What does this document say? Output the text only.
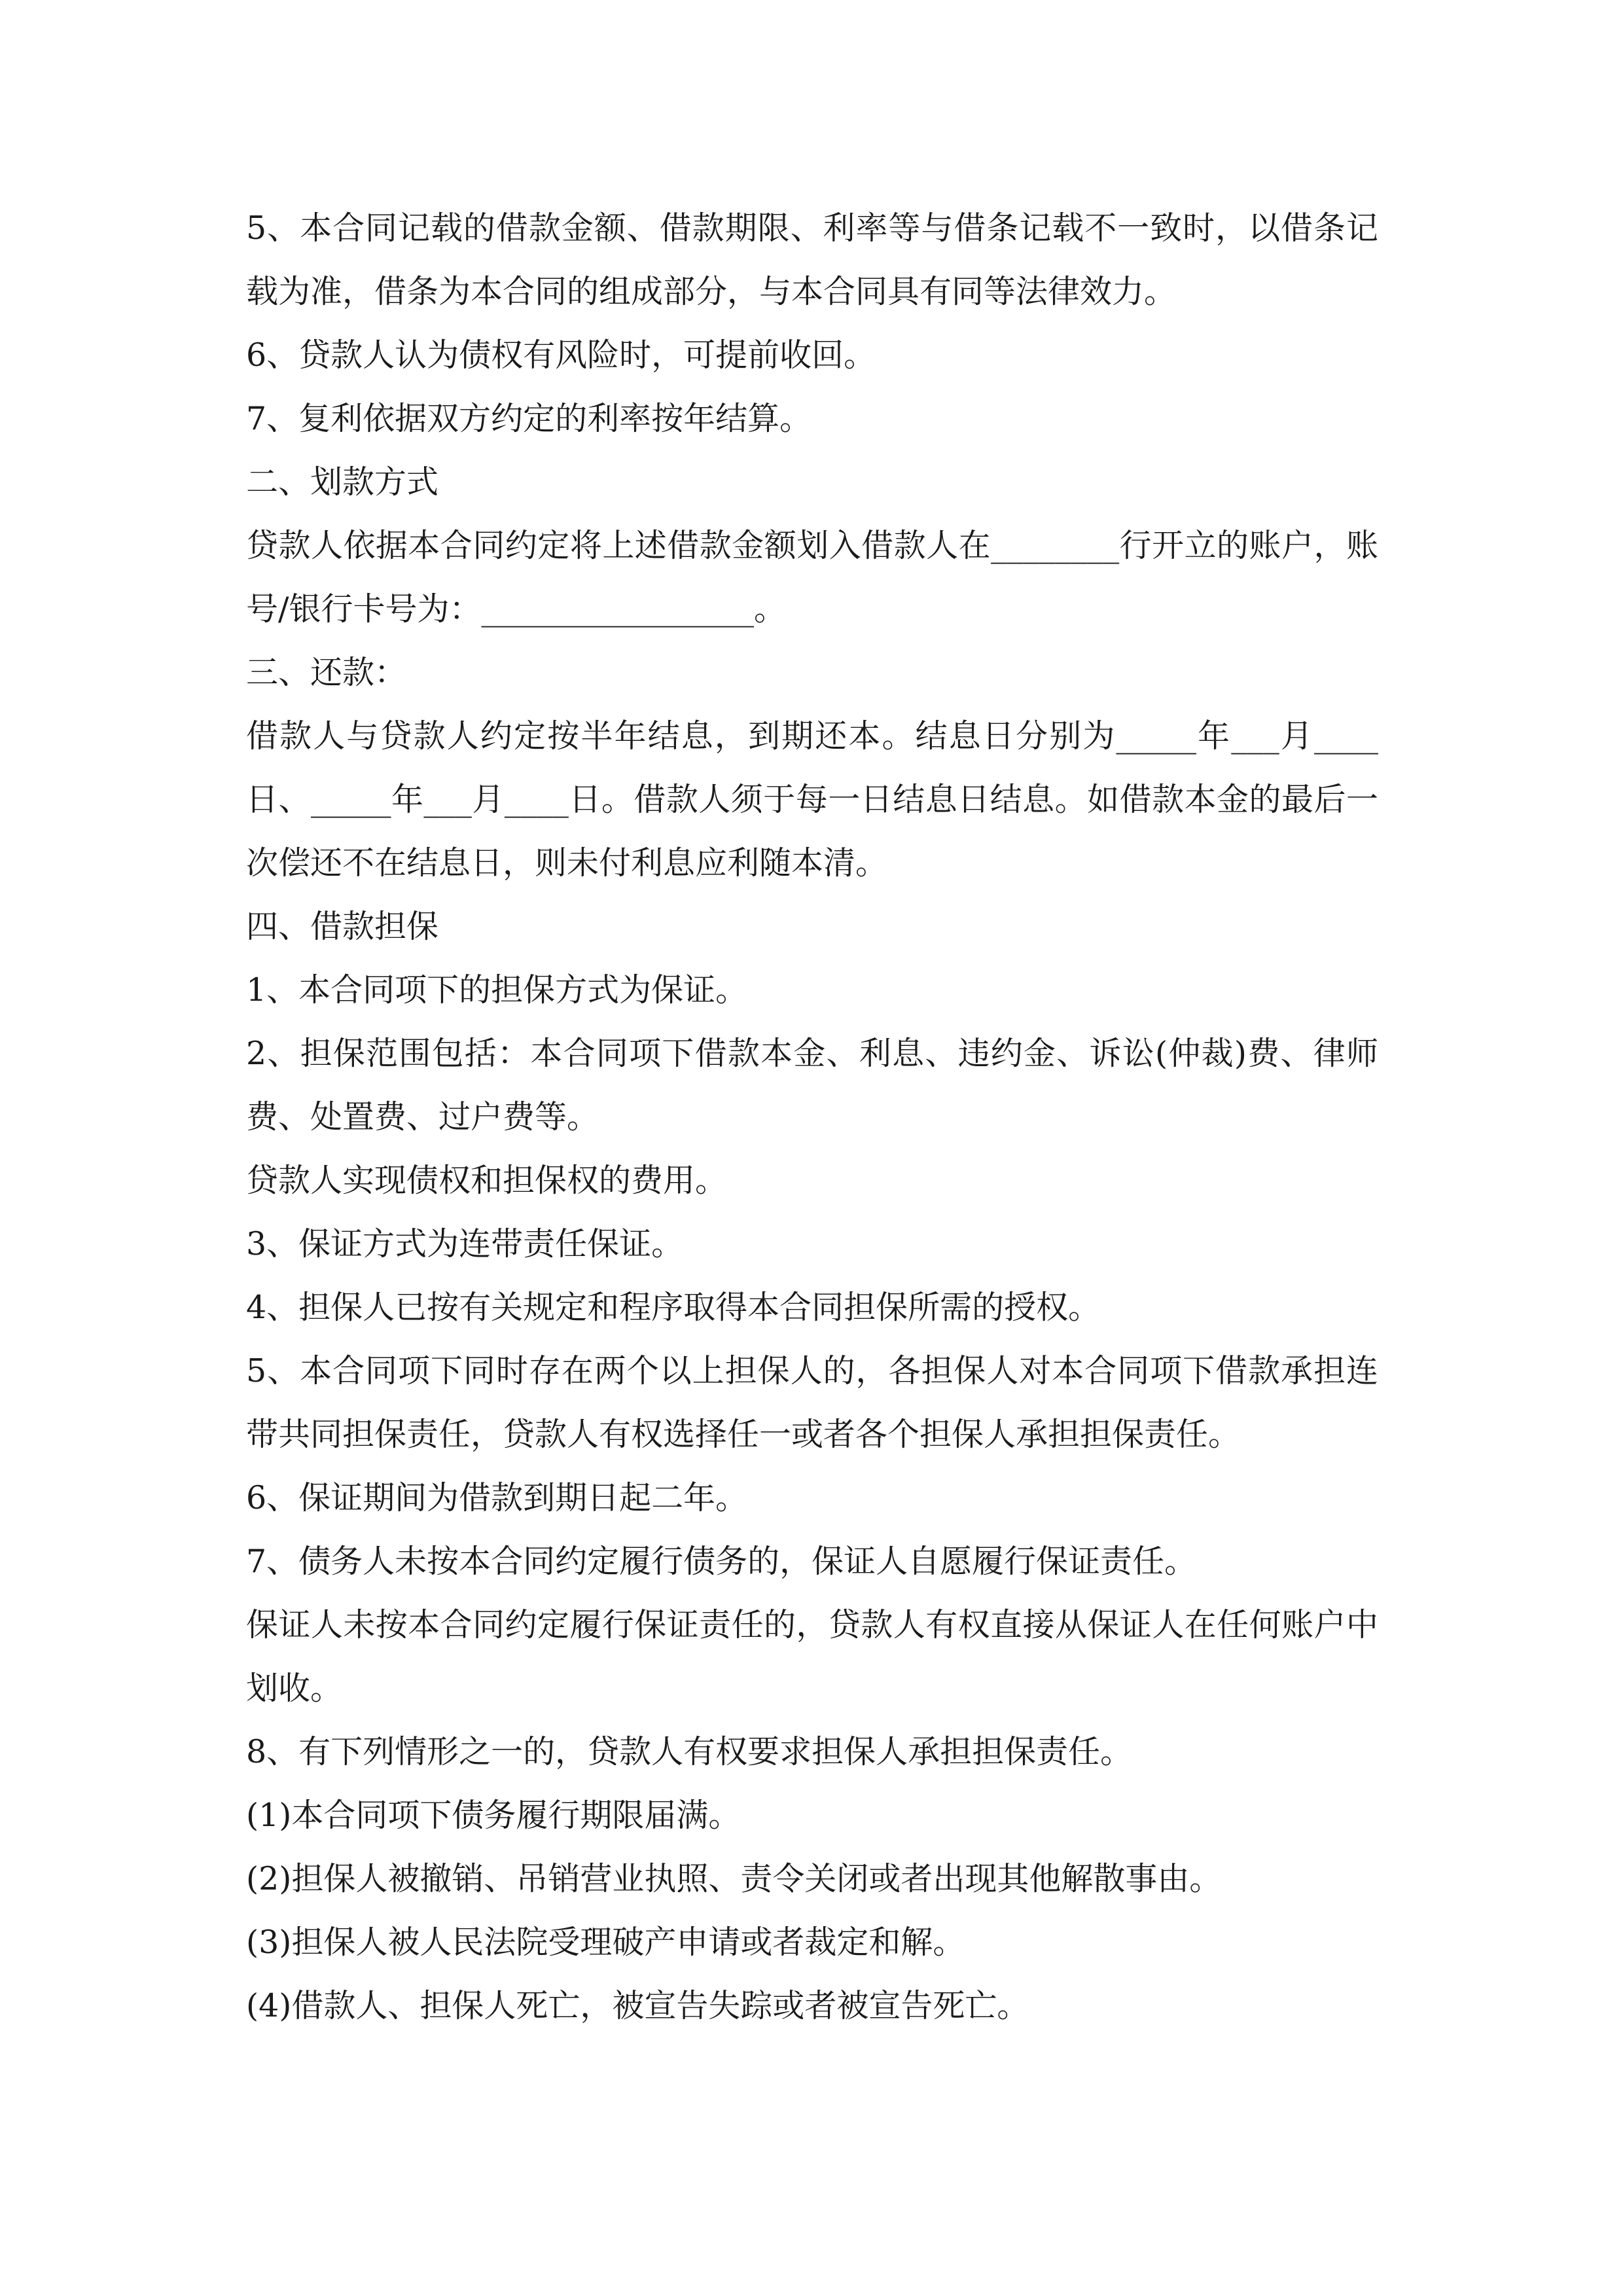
5、本合同记载的借款金额、借款期限、利率等与借条记载不一致时，以借条记载为准，借条为本合同的组成部分，与本合同具有同等法律效力。

6、贷款人认为债权有风险时，可提前收回。

7、复利依据双方约定的利率按年结算。

二、划款方式

贷款人依据本合同约定将上述借款金额划入借款人在________行开立的账户，账号/银行卡号为：_________________。

三、还款：

借款人与贷款人约定按半年结息，到期还本。结息日分别为_____年___月____日、_____年___月____日。借款人须于每一日结息日结息。如借款本金的最后一次偿还不在结息日，则未付利息应利随本清。

四、借款担保

1、本合同项下的担保方式为保证。

2、担保范围包括：本合同项下借款本金、利息、违约金、诉讼(仲裁)费、律师费、处置费、过户费等。

贷款人实现债权和担保权的费用。

3、保证方式为连带责任保证。

4、担保人已按有关规定和程序取得本合同担保所需的授权。

5、本合同项下同时存在两个以上担保人的，各担保人对本合同项下借款承担连带共同担保责任，贷款人有权选择任一或者各个担保人承担担保责任。

6、保证期间为借款到期日起二年。

7、债务人未按本合同约定履行债务的，保证人自愿履行保证责任。

保证人未按本合同约定履行保证责任的，贷款人有权直接从保证人在任何账户中划收。

8、有下列情形之一的，贷款人有权要求担保人承担担保责任。

(1)本合同项下债务履行期限届满。

(2)担保人被撤销、吊销营业执照、责令关闭或者出现其他解散事由。

(3)担保人被人民法院受理破产申请或者裁定和解。

(4)借款人、担保人死亡，被宣告失踪或者被宣告死亡。
